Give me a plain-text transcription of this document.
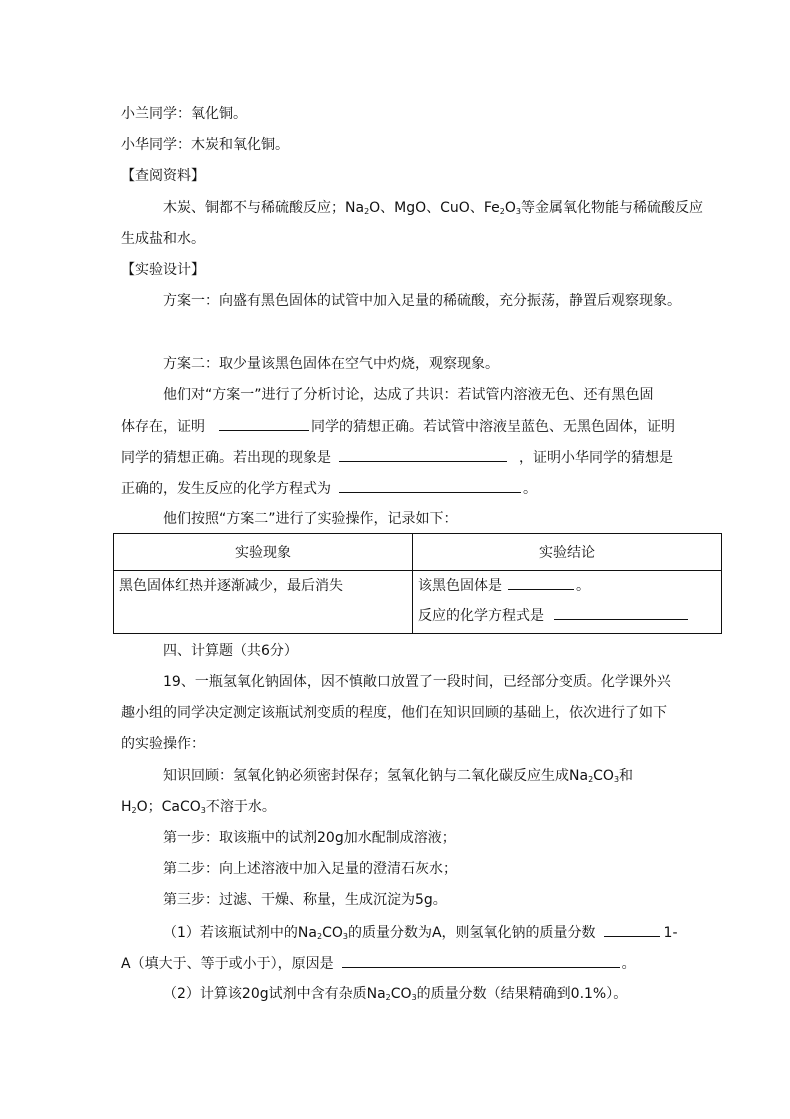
小兰同学：氧化铜。
小华同学：木炭和氧化铜。
【查阅资料】
木炭、铜都不与稀硫酸反应；$Na_2O$、MgO、CuO、$Fe_2O_3$等金属氧化物能与稀硫酸反应
生成盐和水。
【实验设计】
方案一：向盛有黑色固体的试管中加入足量的稀硫酸，充分振荡，静置后观察现象。
方案二：取少量该黑色固体在空气中灼烧，观察现象。
他们对“方案一”进行了分析讨论，达成了共识：若试管内溶液无色、还有黑色固
体存在，证明	同学的猜想正确。若试管中溶液呈蓝色、无黑色固体，证明
同学的猜想正确。若出现的现象是	，证明小华同学的猜想是
正确的，发生反应的化学方程式为	。
他们按照“方案二”进行了实验操作，记录如下：
实验现象	实验结论

黑色固体红热并逐渐减少，最后消失	该黑色固体是 。
反应的化学方程式是
四、计算题（共6分）
19、一瓶氢氧化钠固体，因不慎敞口放置了一段时间，已经部分变质。化学课外兴
趣小组的同学决定测定该瓶试剂变质的程度，他们在知识回顾的基础上，依次进行了如下
的实验操作：
知识回顾：氢氧化钠必须密封保存；氢氧化钠与二氧化碳反应生成$Na_2CO_3$和
$H_2O$；CaCO$_3$不溶于水。
第一步：取该瓶中的试剂20g加水配制成溶液；
第二步：向上述溶液中加入足量的澄清石灰水；
第三步：过滤、干燥、称量，生成沉淀为5g。
（1）若该瓶试剂中的$Na_2CO_3$的质量分数为A，则氢氧化钠的质量分数	1-
A（填大于、等于或小于），原因是	。
（2）计算该20g试剂中含有杂质$Na_2CO_3$的质量分数（结果精确到0.1%）。
